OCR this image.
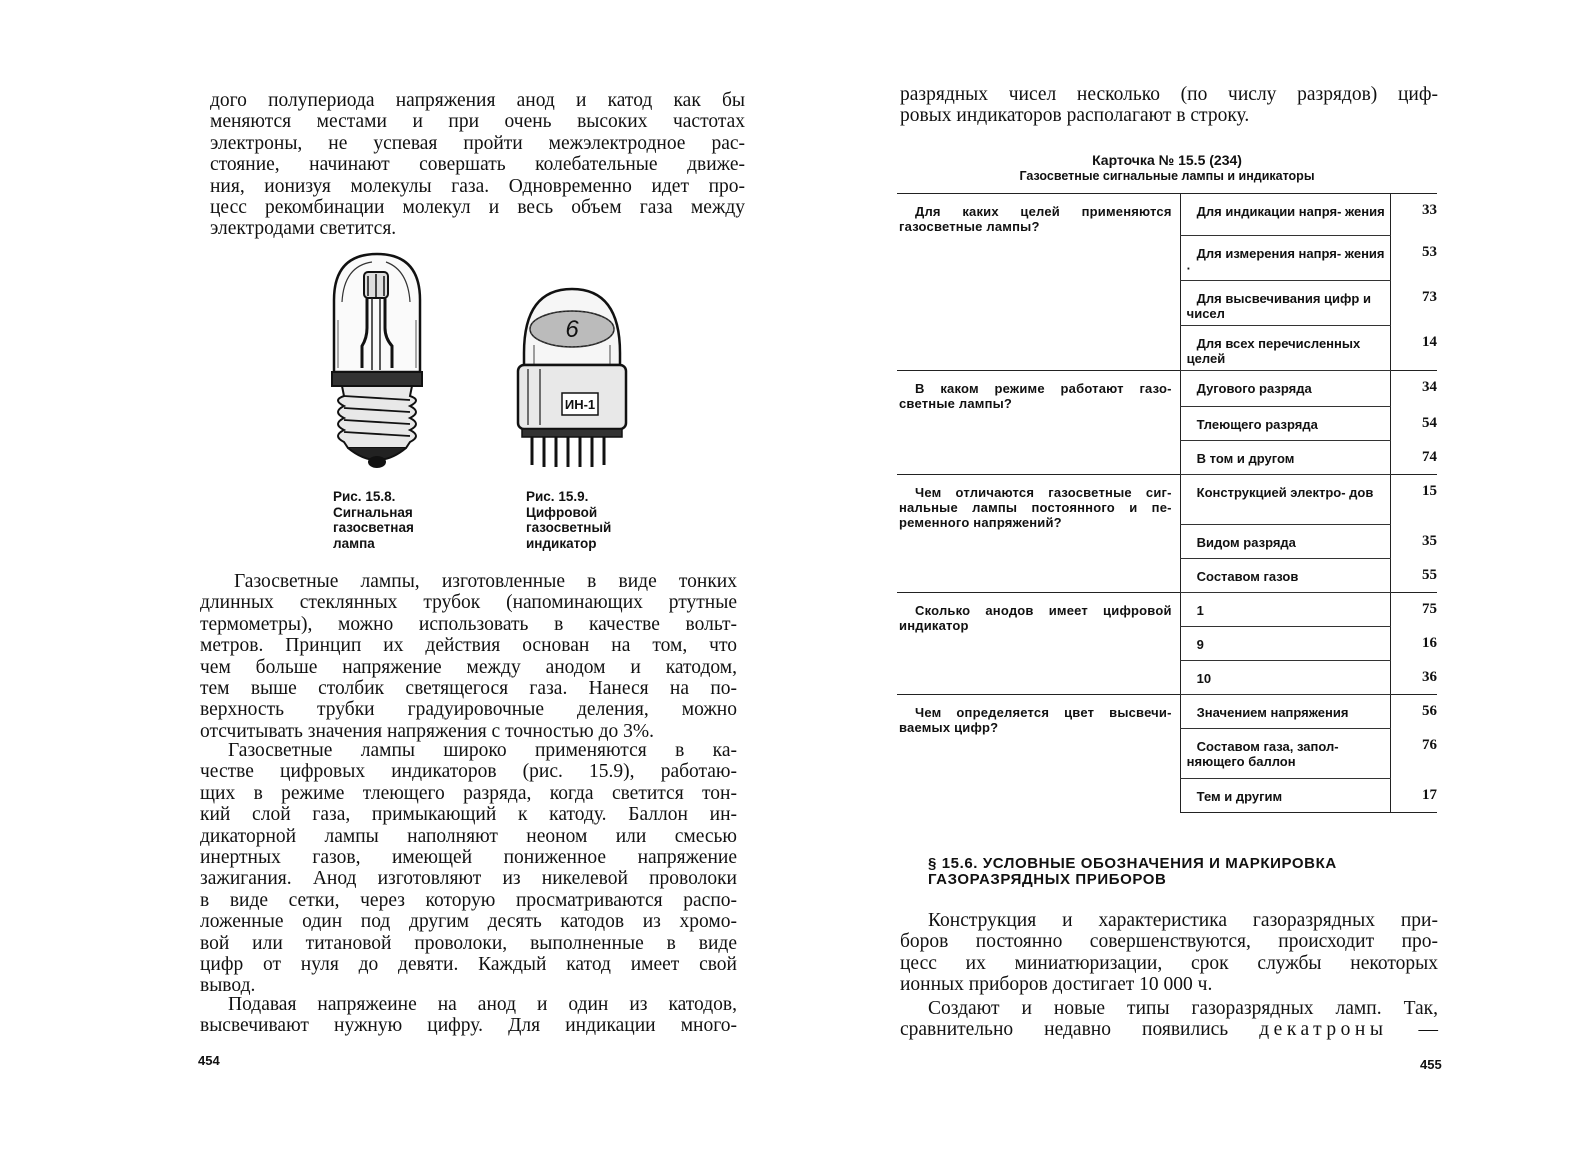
дого полупериода напряжения анод и катод как бы
меняются местами и при очень высоких частотах
электроны, не успевая пройти межэлектродное рас-
стояние, начинают совершать колебательные движе-
ния, ионизуя молекулы газа. Одновременно идет про-
цесс рекомбинации молекул и весь объем газа между
электродами светится.

Рис. 15.8.
Сигнальная
газосветная
лампа
6
ИН-1
Рис. 15.9.
Цифровой
газосветный
индикатор

Газосветные лампы, изготовленные в виде тонких
длинных стеклянных трубок (напоминающих ртутные
термометры), можно использовать в качестве вольт-
метров. Принцип их действия основан на том, что
чем больше напряжение между анодом и катодом,
тем выше столбик светящегося газа. Нанеся на по-
верхность трубки градуировочные деления, можно
отсчитывать значения напряжения с точностью до 3%.

Газосветные лампы широко применяются в ка-
честве цифровых индикаторов (рис. 15.9), работаю-
щих в режиме тлеющего разряда, когда светится тон-
кий слой газа, примыкающий к катоду. Баллон ин-
дикаторной лампы наполняют неоном или смесью
инертных газов, имеющей пониженное напряжение
зажигания. Анод изготовляют из никелевой проволоки
в виде сетки, через которую просматриваются распо-
ложенные один под другим десять катодов из хромо-
вой или титановой проволоки, выполненные в виде
цифр от нуля до девяти. Каждый катод имеет свой
вывод.

Подавая напряжеине на анод и один из катодов,
высвечивают нужную цифру. Для индикации много-

454

разрядных чисел несколько (по числу разрядов) циф-
ровых индикаторов располагают в строку.

Карточка № 15.5 (234)
Газосветные сигнальные лампы и индикаторы
Для каких целей применяются газосветные лампы?	Для индикации напря- жения	33
	Для измерения напря- жения ·	53
	Для высвечивания цифр и чисел	73
	Для всех перечисленных целей	14
В каком режиме работают газо- светные лампы?	Дугового разряда	34
	Тлеющего разряда	54
	В том и другом	74
Чем отличаются газосветные сиг- нальные лампы постоянного и пе- ременного напряжений?	Конструкцией электро- дов	15
	Видом разряда	35
	Составом газов	55
Сколько анодов имеет цифровой индикатор	1	75
	9	16
	10	36
Чем определяется цвет высвечи- ваемых цифр?	Значением напряжения	56
	Составом газа, запол- няющего баллон	76
	Тем и другим	17
§ 15.6. УСЛОВНЫЕ ОБОЗНАЧЕНИЯ И МАРКИРОВКА
ГАЗОРАЗРЯДНЫХ ПРИБОРОВ

Конструкция и характеристика газоразрядных при-
боров постоянно совершенствуются, происходит про-
цесс их миниатюризации, срок службы некоторых
ионных приборов достигает 10 000 ч.

Создают и новые типы газоразрядных ламп. Так,
сравнительно недавно появились декатроны —

455
